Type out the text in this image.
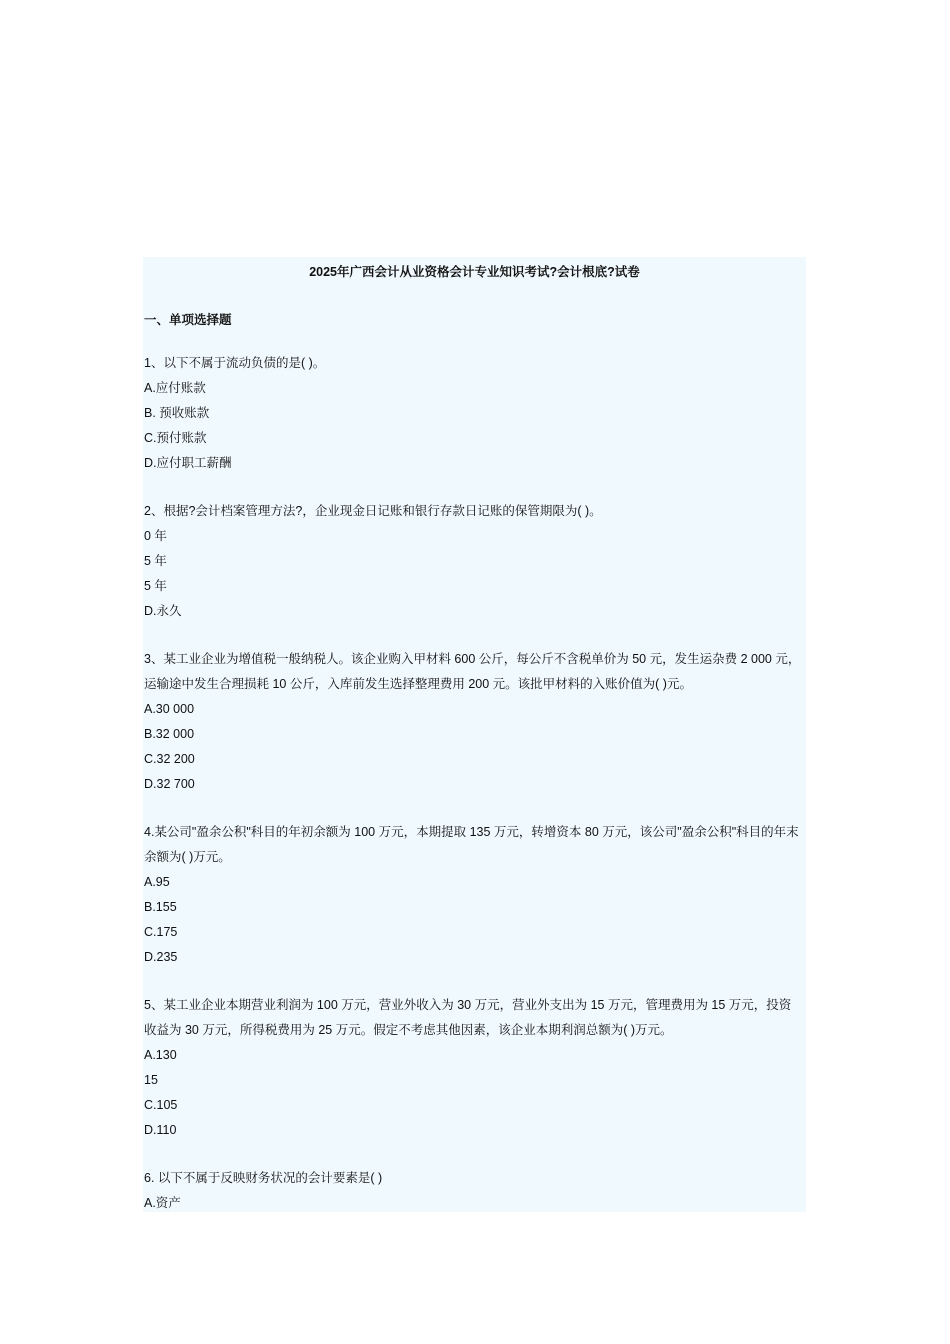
2025年广西会计从业资格会计专业知识考试?会计根底?试卷
一、单项选择题
1、以下不属于流动负债的是( )。
A.应付账款
B. 预收账款
C.预付账款
D.应付职工薪酬
2、根据?会计档案管理方法?，企业现金日记账和银行存款日记账的保管期限为( )。
0 年
5 年
5 年
D.永久
3、某工业企业为增值税一般纳税人。该企业购入甲材料 600 公斤，每公斤不含税单价为 50 元，发生运杂费 2 000 元，
运输途中发生合理损耗 10 公斤，入库前发生选择整理费用 200 元。该批甲材料的入账价值为( )元。
A.30 000
B.32 000
C.32 200
D.32 700
4.某公司"盈余公积"科目的年初余额为 100 万元，本期提取 135 万元，转增资本 80 万元，该公司"盈余公积"科目的年末
余额为( )万元。
A.95
B.155
C.175
D.235
5、某工业企业本期营业利润为 100 万元，营业外收入为 30 万元，营业外支出为 15 万元，管理费用为 15 万元，投资
收益为 30 万元，所得税费用为 25 万元。假定不考虑其他因素，该企业本期利润总额为( )万元。
A.130
15
C.105
D.110
6. 以下不属于反映财务状况的会计要素是( )
A.资产
